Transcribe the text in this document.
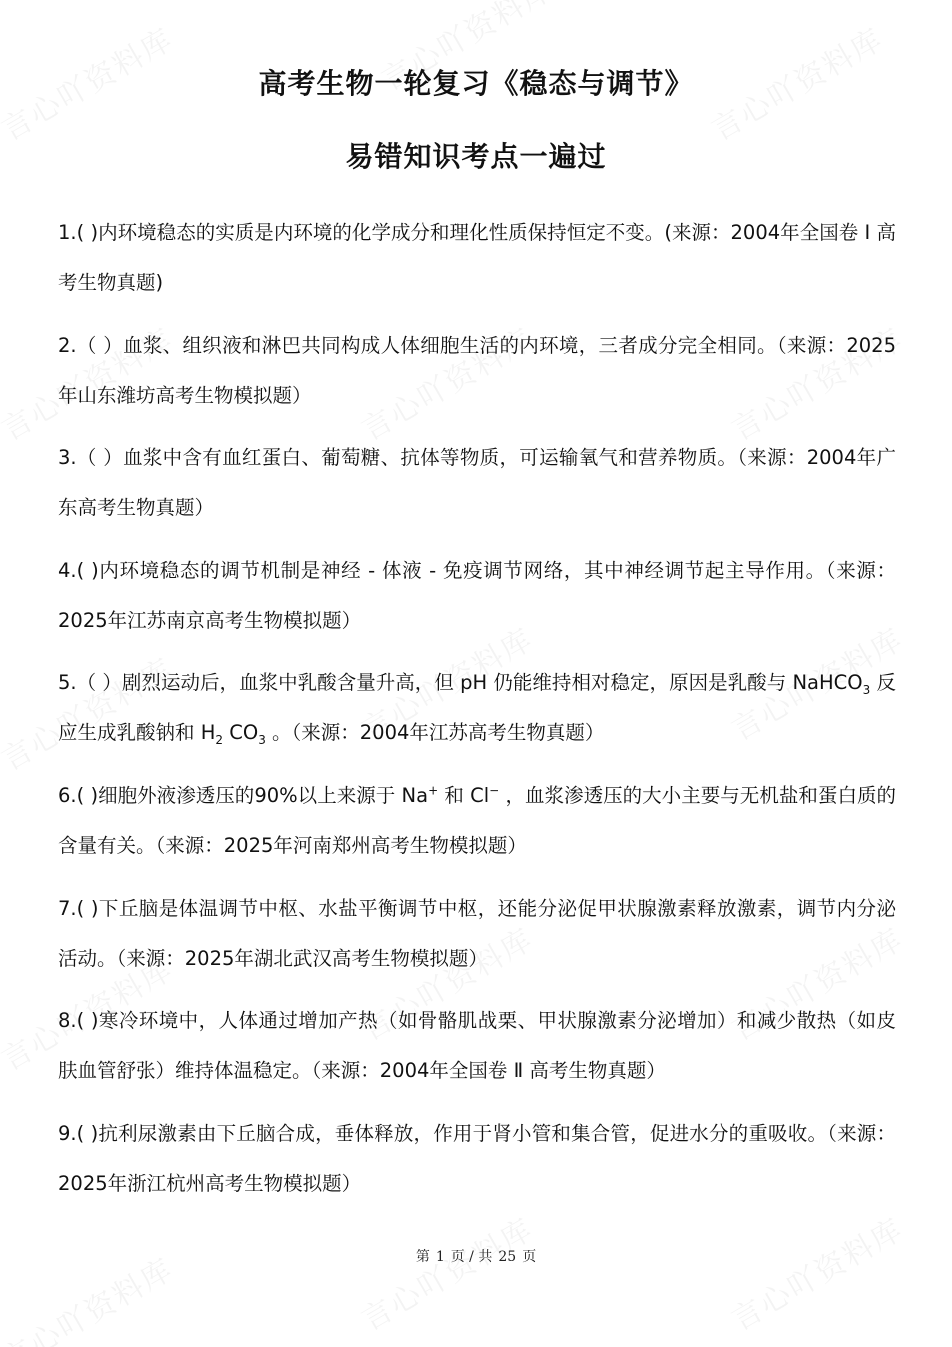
高考生物一轮复习《稳态与调节》
易错知识考点一遍过

1.( )内环境稳态的实质是内环境的化学成分和理化性质保持恒定不变。(来源：2004年全国卷 Ⅰ 高考生物真题)

2.（ ）血浆、组织液和淋巴共同构成人体细胞生活的内环境，三者成分完全相同。（来源：2025年山东潍坊高考生物模拟题）

3.（ ）血浆中含有血红蛋白、葡萄糖、抗体等物质，可运输氧气和营养物质。（来源：2004年广东高考生物真题）

4.( )内环境稳态的调节机制是神经 - 体液 - 免疫调节网络，其中神经调节起主导作用。（来源：2025年江苏南京高考生物模拟题）

5.（ ）剧烈运动后，血浆中乳酸含量升高，但 pH 仍能维持相对稳定，原因是乳酸与 NaHCO$_3$ 反应生成乳酸钠和 $H_2$ $CO_3$ 。（来源：2004年江苏高考生物真题）

6.( )细胞外液渗透压的90%以上来源于 Na+ 和 Cl− ，血浆渗透压的大小主要与无机盐和蛋白质的含量有关。（来源：2025年河南郑州高考生物模拟题）

7.( )下丘脑是体温调节中枢、水盐平衡调节中枢，还能分泌促甲状腺激素释放激素，调节内分泌活动。（来源：2025年湖北武汉高考生物模拟题）

8.( )寒冷环境中，人体通过增加产热（如骨骼肌战栗、甲状腺激素分泌增加）和减少散热（如皮肤血管舒张）维持体温稳定。（来源：2004年全国卷 Ⅱ 高考生物真题）

9.( )抗利尿激素由下丘脑合成，垂体释放，作用于肾小管和集合管，促进水分的重吸收。（来源：2025年浙江杭州高考生物模拟题）

第 1 页 / 共 25 页
